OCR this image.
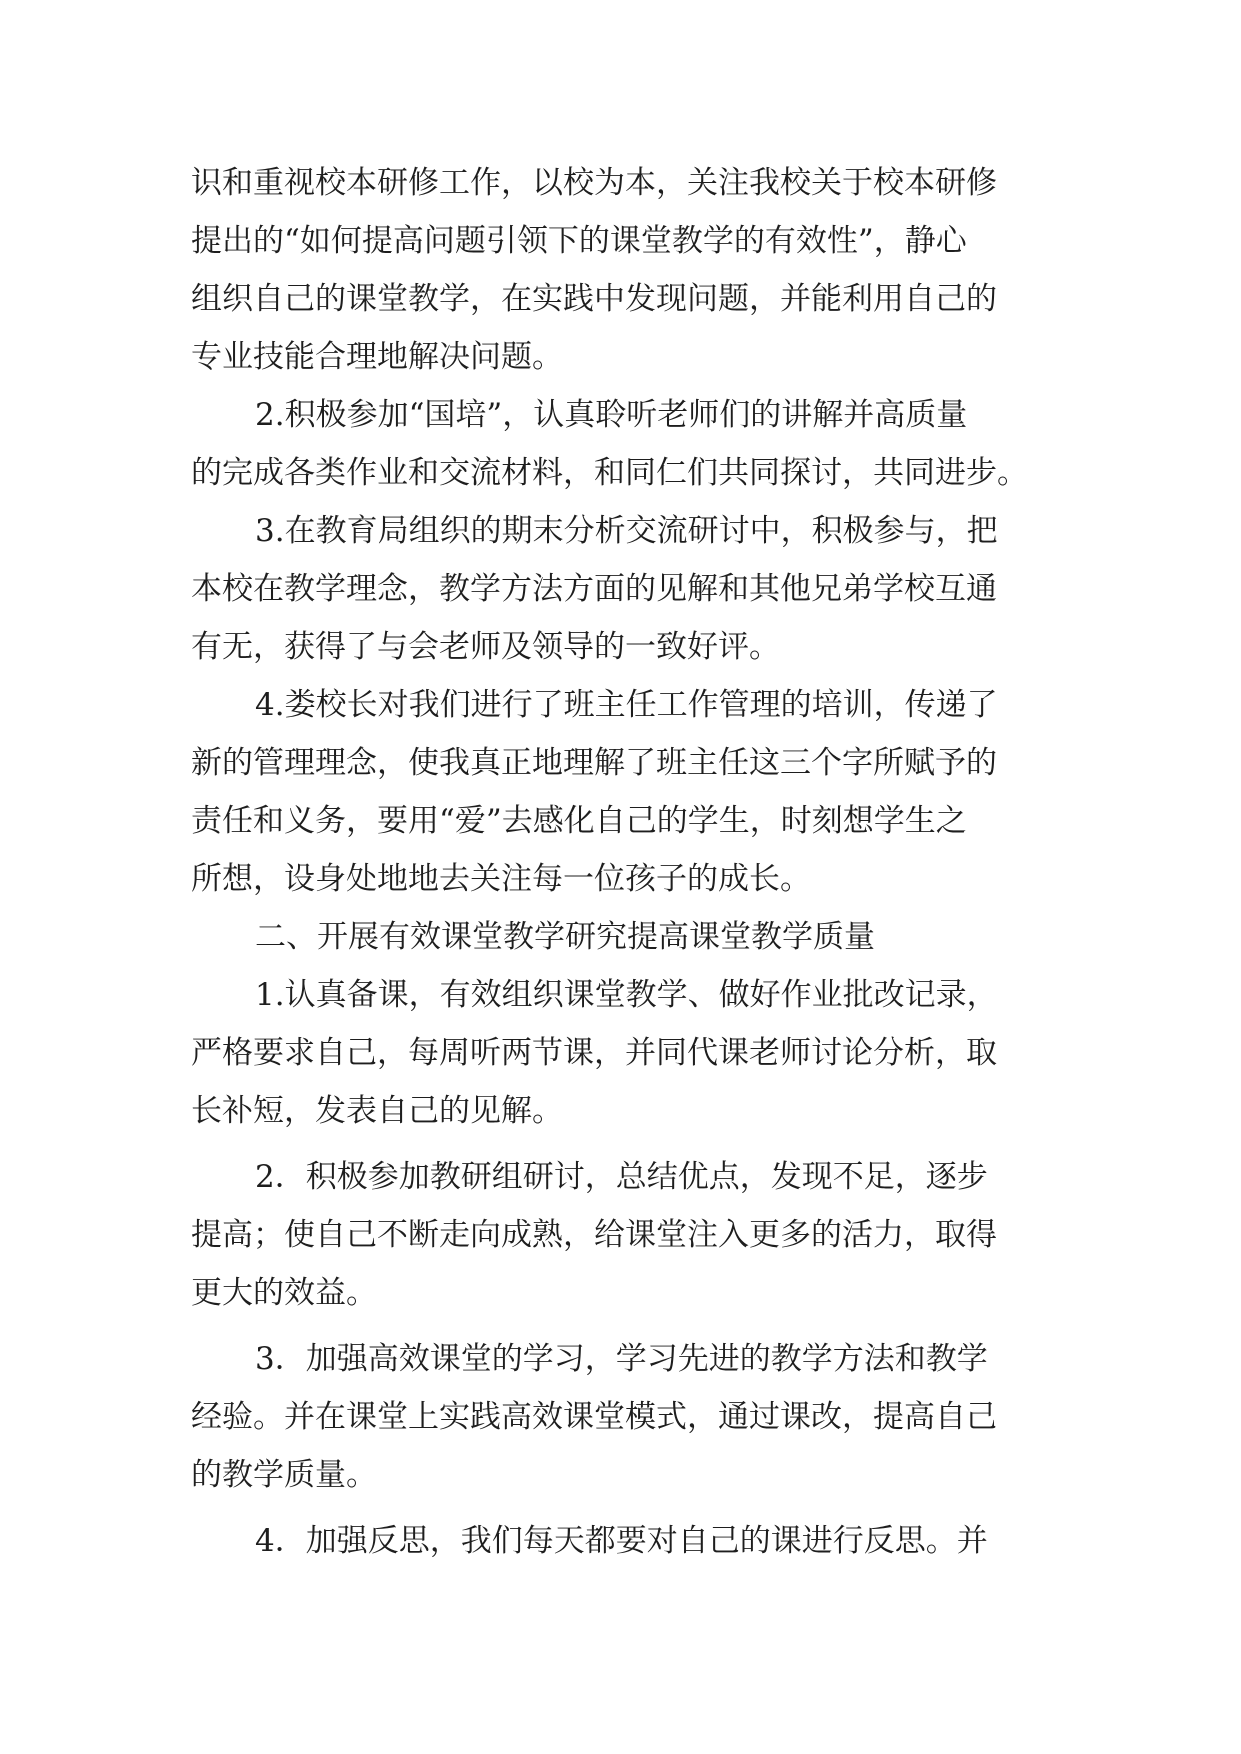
识和重视校本研修工作，以校为本，关注我校关于校本研修
提出的“如何提高问题引领下的课堂教学的有效性”，静心
组织自己的课堂教学，在实践中发现问题，并能利用自己的
专业技能合理地解决问题。
2.积极参加“国培”，认真聆听老师们的讲解并高质量
的完成各类作业和交流材料，和同仁们共同探讨，共同进步。
3.在教育局组织的期末分析交流研讨中，积极参与，把
本校在教学理念，教学方法方面的见解和其他兄弟学校互通
有无，获得了与会老师及领导的一致好评。
4.娄校长对我们进行了班主任工作管理的培训，传递了
新的管理理念，使我真正地理解了班主任这三个字所赋予的
责任和义务，要用“爱”去感化自己的学生，时刻想学生之
所想，设身处地地去关注每一位孩子的成长。
二、开展有效课堂教学研究提高课堂教学质量
1.认真备课，有效组织课堂教学、做好作业批改记录，
严格要求自己，每周听两节课，并同代课老师讨论分析，取
长补短，发表自己的见解。
2．积极参加教研组研讨，总结优点，发现不足，逐步
提高；使自己不断走向成熟，给课堂注入更多的活力，取得
更大的效益。
3．加强高效课堂的学习，学习先进的教学方法和教学
经验。并在课堂上实践高效课堂模式，通过课改，提高自己
的教学质量。
4．加强反思，我们每天都要对自己的课进行反思。并
